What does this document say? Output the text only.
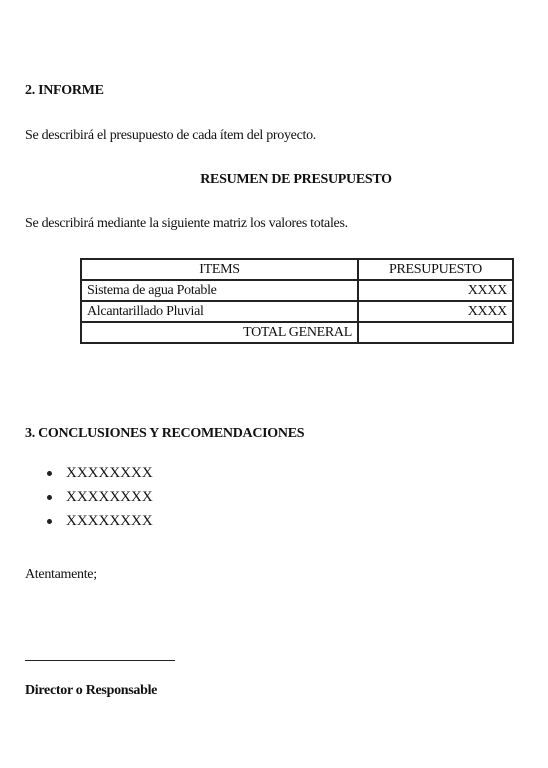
2. INFORME
Se describirá el presupuesto de cada ítem del proyecto.
RESUMEN DE PRESUPUESTO
Se describirá mediante la siguiente matriz los valores totales.
ITEMS	PRESUPUESTO
Sistema de agua Potable	XXXX
Alcantarillado Pluvial	XXXX
TOTAL GENERAL	
3. CONCLUSIONES Y RECOMENDACIONES
XXXXXXXX
XXXXXXXX
XXXXXXXX
Atentamente;
Director o Responsable
